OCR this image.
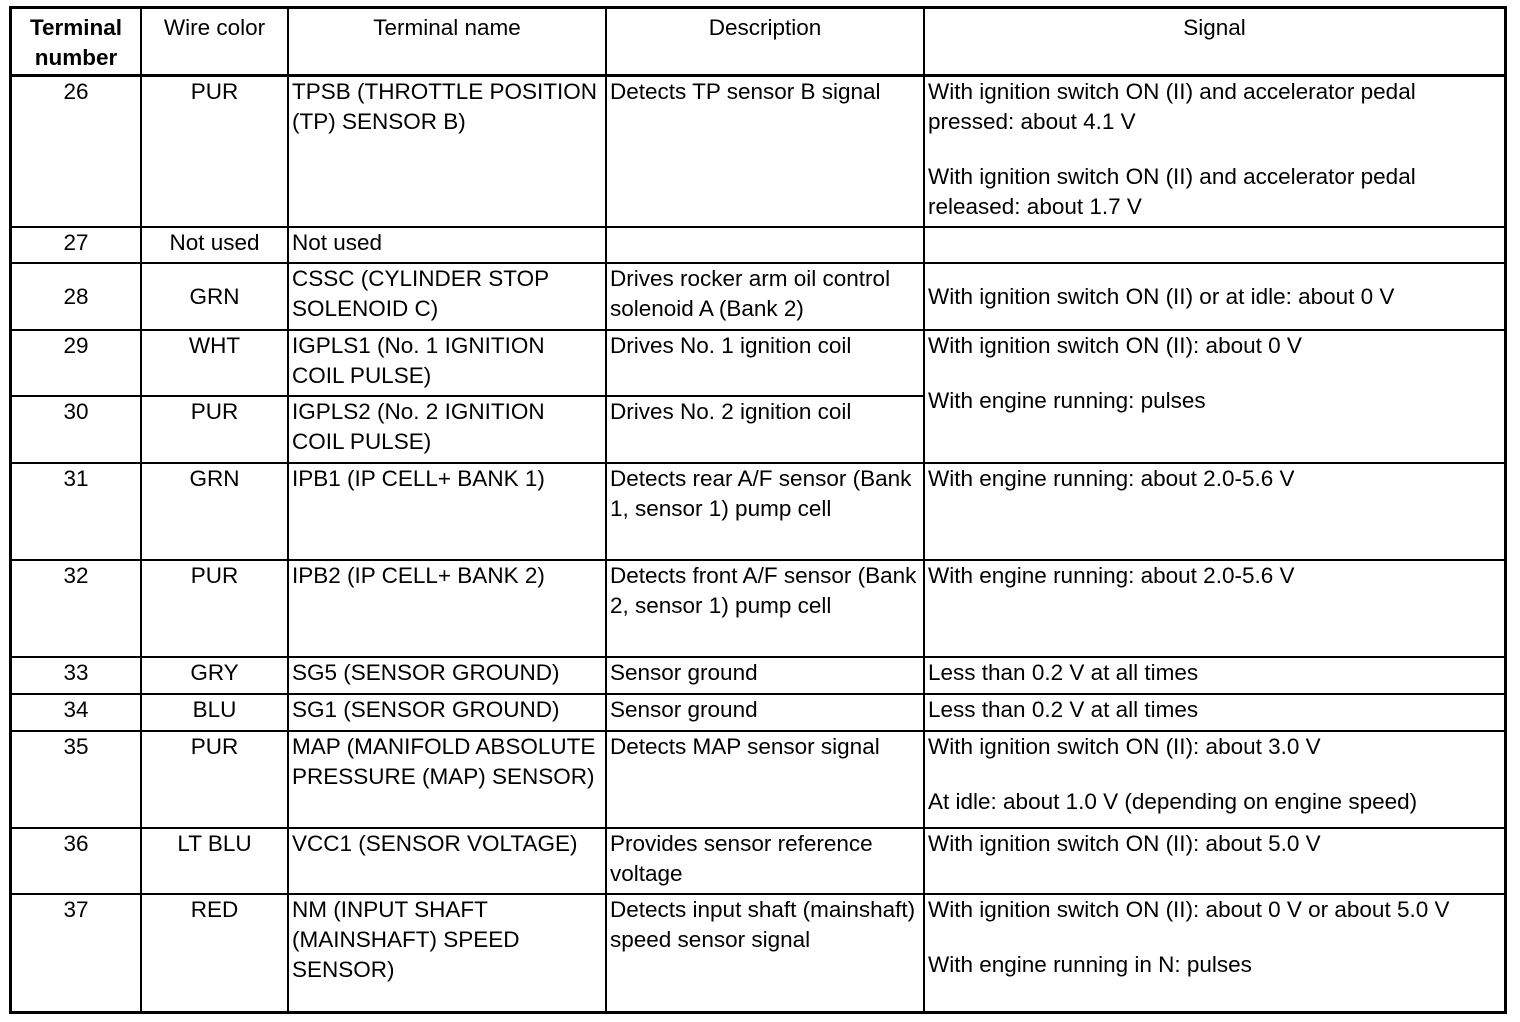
Terminal number	Wire color	Terminal name	Description	Signal
26	PUR	TPSB (THROTTLE POSITION (TP) SENSOR B)	Detects TP sensor B signal	With ignition switch ON (II) and accelerator pedal pressed: about 4.1 V
With ignition switch ON (II) and accelerator pedal released: about 1.7 V

27	Not used	Not used		
28	GRN	CSSC (CYLINDER STOP SOLENOID C)	Drives rocker arm oil control solenoid A (Bank 2)	With ignition switch ON (II) or at idle: about 0 V

29	WHT	IGPLS1 (No. 1 IGNITION COIL PULSE)	Drives No. 1 ignition coil	With ignition switch ON (II): about 0 V
With engine running: pulses

30	PUR	IGPLS2 (No. 2 IGNITION COIL PULSE)	Drives No. 2 ignition coil	
31	GRN	IPB1 (IP CELL+ BANK 1)	Detects rear A/F sensor (Bank 1, sensor 1) pump cell	With engine running: about 2.0-5.6 V

32	PUR	IPB2 (IP CELL+ BANK 2)	Detects front A/F sensor (Bank 2, sensor 1) pump cell	With engine running: about 2.0-5.6 V

33	GRY	SG5 (SENSOR GROUND)	Sensor ground	Less than 0.2 V at all times

34	BLU	SG1 (SENSOR GROUND)	Sensor ground	Less than 0.2 V at all times

35	PUR	MAP (MANIFOLD ABSOLUTE PRESSURE (MAP) SENSOR)	Detects MAP sensor signal	With ignition switch ON (II): about 3.0 V
At idle: about 1.0 V (depending on engine speed)

36	LT BLU	VCC1 (SENSOR VOLTAGE)	Provides sensor reference voltage	With ignition switch ON (II): about 5.0 V

37	RED	NM (INPUT SHAFT (MAINSHAFT) SPEED SENSOR)	Detects input shaft (mainshaft) speed sensor signal	With ignition switch ON (II): about 0 V or about 5.0 V
With engine running in N: pulses
